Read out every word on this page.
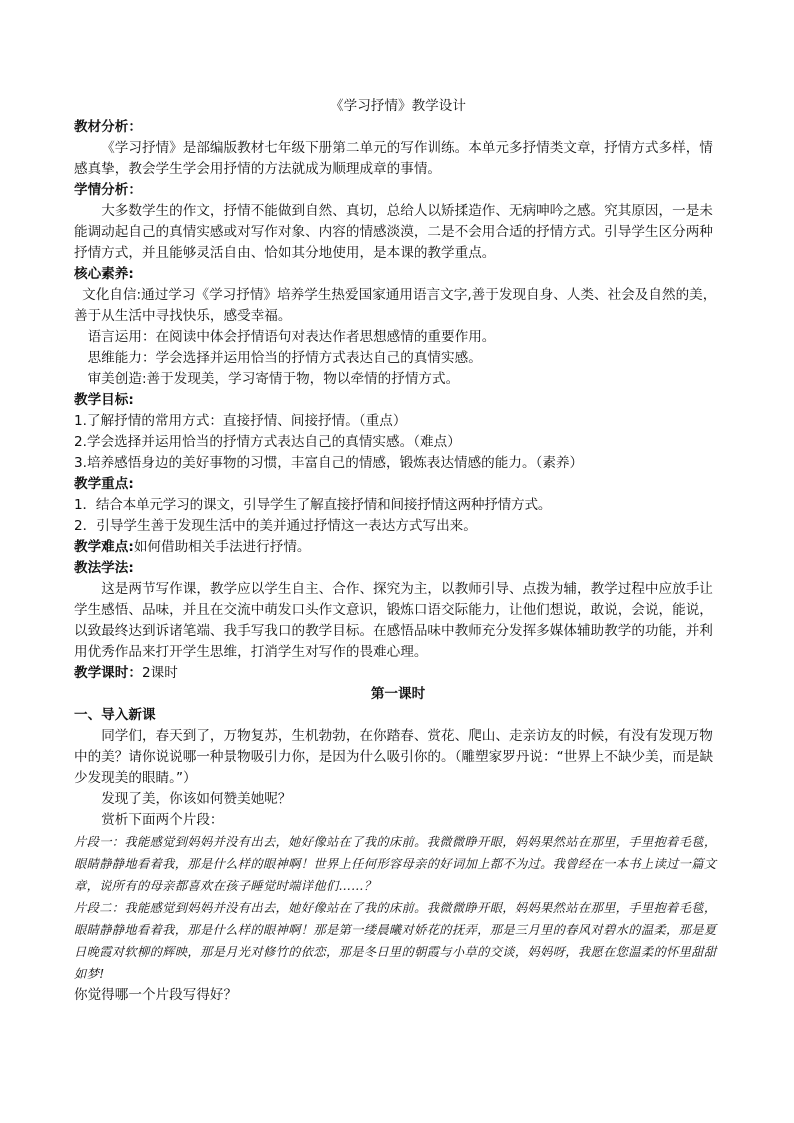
《学习抒情》教学设计

教材分析：

《学习抒情》是部编版教材七年级下册第二单元的写作训练。本单元多抒情类文章，抒情方式多样，情感真挚，教会学生学会用抒情的方法就成为顺理成章的事情。

学情分析：

大多数学生的作文，抒情不能做到自然、真切，总给人以矫揉造作、无病呻吟之感。究其原因，一是未能调动起自己的真情实感或对写作对象、内容的情感淡漠，二是不会用合适的抒情方式。引导学生区分两种抒情方式，并且能够灵活自由、恰如其分地使用，是本课的教学重点。

核心素养:

文化自信:通过学习《学习抒情》培养学生热爱国家通用语言文字,善于发现自身、人类、社会及自然的美，善于从生活中寻找快乐，感受幸福。

语言运用：在阅读中体会抒情语句对表达作者思想感情的重要作用。

思维能力：学会选择并运用恰当的抒情方式表达自己的真情实感。

审美创造:善于发现美，学习寄情于物，物以牵情的抒情方式。

教学目标:

1.了解抒情的常用方式：直接抒情、间接抒情。（重点）

2.学会选择并运用恰当的抒情方式表达自己的真情实感。（难点）

3.培养感悟身边的美好事物的习惯，丰富自己的情感，锻炼表达情感的能力。（素养）

教学重点:

1．结合本单元学习的课文，引导学生了解直接抒情和间接抒情这两种抒情方式。

2．引导学生善于发现生活中的美并通过抒情这一表达方式写出来。

教学难点:如何借助相关手法进行抒情。

教法学法:

这是两节写作课，教学应以学生自主、合作、探究为主，以教师引导、点拨为辅，教学过程中应放手让学生感悟、品味，并且在交流中萌发口头作文意识，锻炼口语交际能力，让他们想说，敢说，会说，能说，以致最终达到诉诸笔端、我手写我口的教学目标。在感悟品味中教师充分发挥多媒体辅助教学的功能，并利用优秀作品来打开学生思维，打消学生对写作的畏难心理。

教学课时：2课时

第一课时

一、导入新课

同学们，春天到了，万物复苏，生机勃勃，在你踏春、赏花、爬山、走亲访友的时候，有没有发现万物中的美？请你说说哪一种景物吸引力你，是因为什么吸引你的。（雕塑家罗丹说：“世界上不缺少美，而是缺少发现美的眼睛。”）

发现了美，你该如何赞美她呢？

赏析下面两个片段：

片段一：我能感觉到妈妈并没有出去，她好像站在了我的床前。我微微睁开眼，妈妈果然站在那里，手里抱着毛毯，眼睛静静地看着我，那是什么样的眼神啊！世界上任何形容母亲的好词加上都不为过。我曾经在一本书上读过一篇文章，说所有的母亲都喜欢在孩子睡觉时端详他们……？

片段二：我能感觉到妈妈并没有出去，她好像站在了我的床前。我微微睁开眼，妈妈果然站在那里，手里抱着毛毯，眼睛静静地看着我，那是什么样的眼神啊！那是第一缕晨曦对娇花的抚弄，那是三月里的春风对碧水的温柔，那是夏日晚霞对软柳的辉映，那是月光对修竹的依恋，那是冬日里的朝霞与小草的交谈，妈妈呀，我愿在您温柔的怀里甜甜如梦!

你觉得哪一个片段写得好？
